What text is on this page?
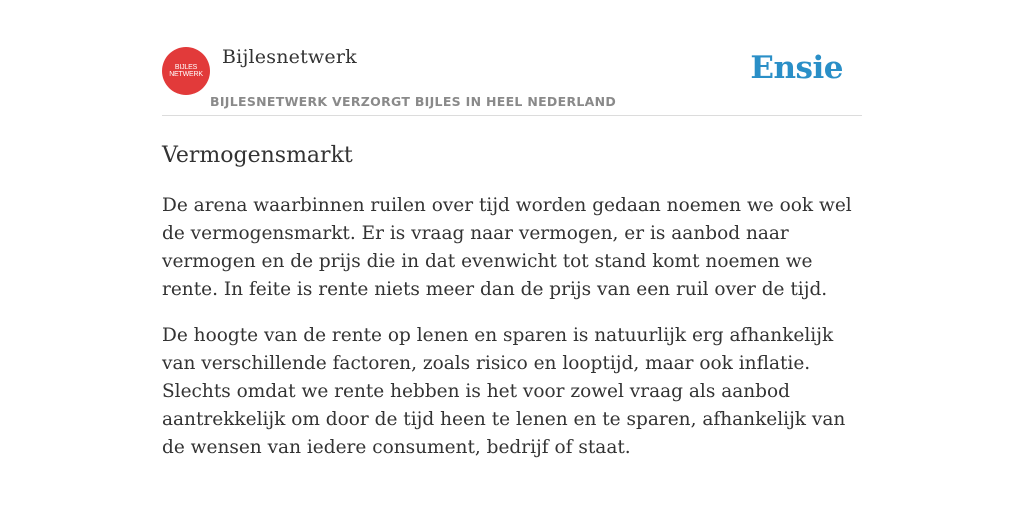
BIJLES
NETWERK
Bijlesnetwerk
BIJLESNETWERK VERZORGT BIJLES IN HEEL NEDERLAND
Ensie
Vermogensmarkt

De arena waarbinnen ruilen over tijd worden gedaan noemen we ook wel de vermogensmarkt. Er is vraag naar vermogen, er is aanbod naar vermogen en de prijs die in dat evenwicht tot stand komt noemen we rente. In feite is rente niets meer dan de prijs van een ruil over de tijd.

De hoogte van de rente op lenen en sparen is natuurlijk erg afhankelijk van verschillende factoren, zoals risico en looptijd, maar ook inflatie. Slechts omdat we rente hebben is het voor zowel vraag als aanbod aantrekkelijk om door de tijd heen te lenen en te sparen, afhankelijk van de wensen van iedere consument, bedrijf of staat.
